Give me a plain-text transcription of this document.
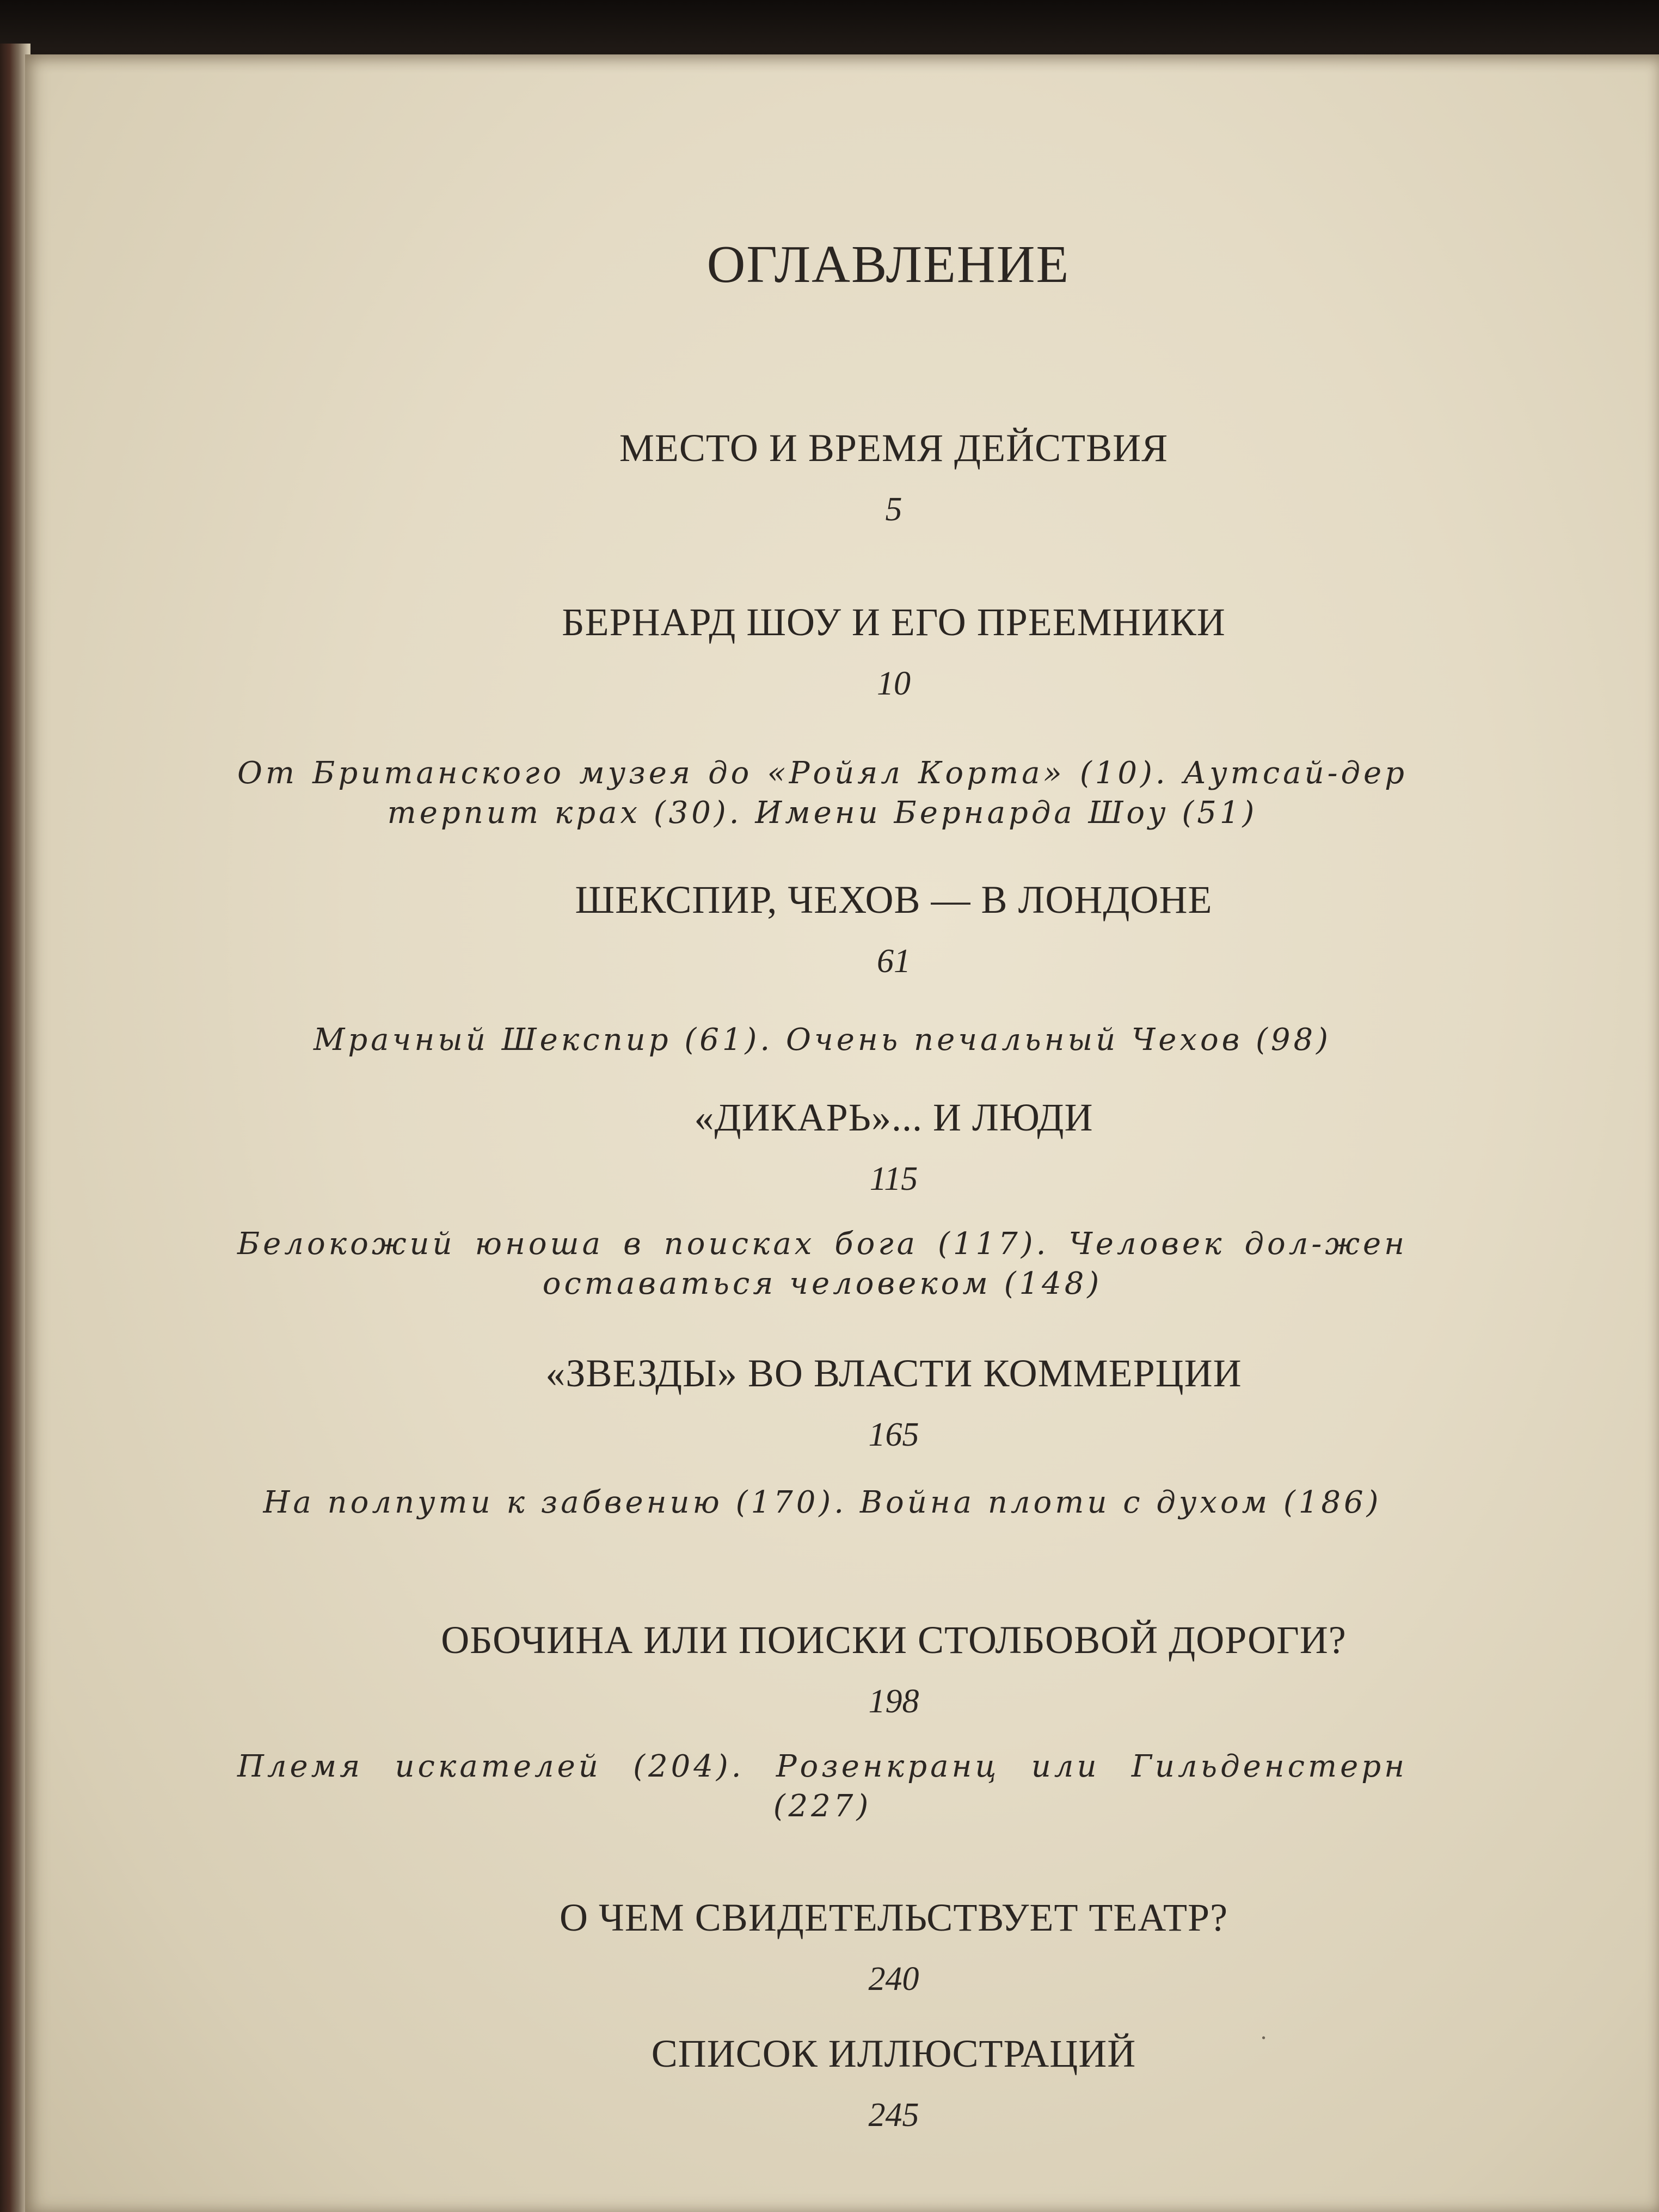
ОГЛАВЛЕНИЕ
МЕСТО И ВРЕМЯ ДЕЙСТВИЯ
5
БЕРНАРД ШОУ И ЕГО ПРЕЕМНИКИ
10
От Британского музея до «Ройял Корта» (10). Аутсай-дер терпит крах (30). Имени Бернарда Шоу (51)
ШЕКСПИР, ЧЕХОВ — В ЛОНДОНЕ
61
Мрачный Шекспир (61). Очень печальный Чехов (98)
«ДИКАРЬ»... И ЛЮДИ
115
Белокожий юноша в поисках бога (117). Человек дол-жен оставаться человеком (148)
«ЗВЕЗДЫ» ВО ВЛАСТИ КОММЕРЦИИ
165
На полпути к забвению (170). Война плоти с духом (186)
ОБОЧИНА ИЛИ ПОИСКИ СТОЛБОВОЙ ДОРОГИ?
198
Племя искателей (204). Розенкранц или Гильденстерн (227)
О ЧЕМ СВИДЕТЕЛЬСТВУЕТ ТЕАТР?
240
СПИСОК ИЛЛЮСТРАЦИЙ
245
·
